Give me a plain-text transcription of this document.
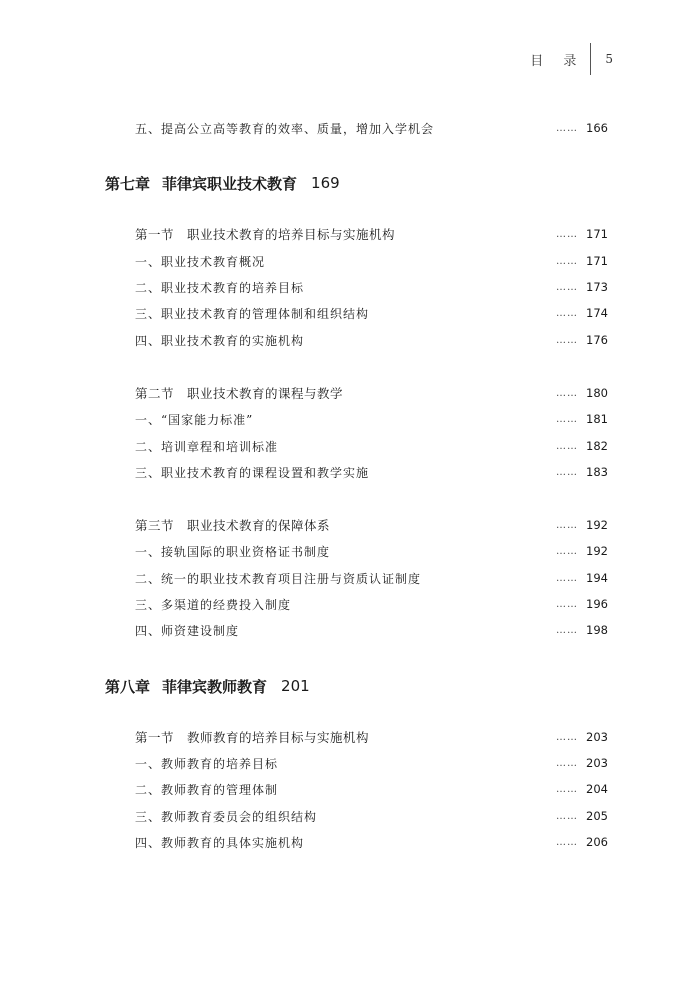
目 录 5
五、提高公立高等教育的效率、质量，增加入学机会	…… 166
第七章 菲律宾职业技术教育 169
第一节　职业技术教育的培养目标与实施机构	…… 171
一、职业技术教育概况	…… 171
二、职业技术教育的培养目标	…… 173
三、职业技术教育的管理体制和组织结构	…… 174
四、职业技术教育的实施机构	…… 176
第二节　职业技术教育的课程与教学	…… 180
一、“国家能力标准”	…… 181
二、培训章程和培训标准	…… 182
三、职业技术教育的课程设置和教学实施	…… 183
第三节　职业技术教育的保障体系	…… 192
一、接轨国际的职业资格证书制度	…… 192
二、统一的职业技术教育项目注册与资质认证制度	…… 194
三、多渠道的经费投入制度	…… 196
四、师资建设制度	…… 198
第八章 菲律宾教师教育 201
第一节　教师教育的培养目标与实施机构	…… 203
一、教师教育的培养目标	…… 203
二、教师教育的管理体制	…… 204
三、教师教育委员会的组织结构	…… 205
四、教师教育的具体实施机构	…… 206
